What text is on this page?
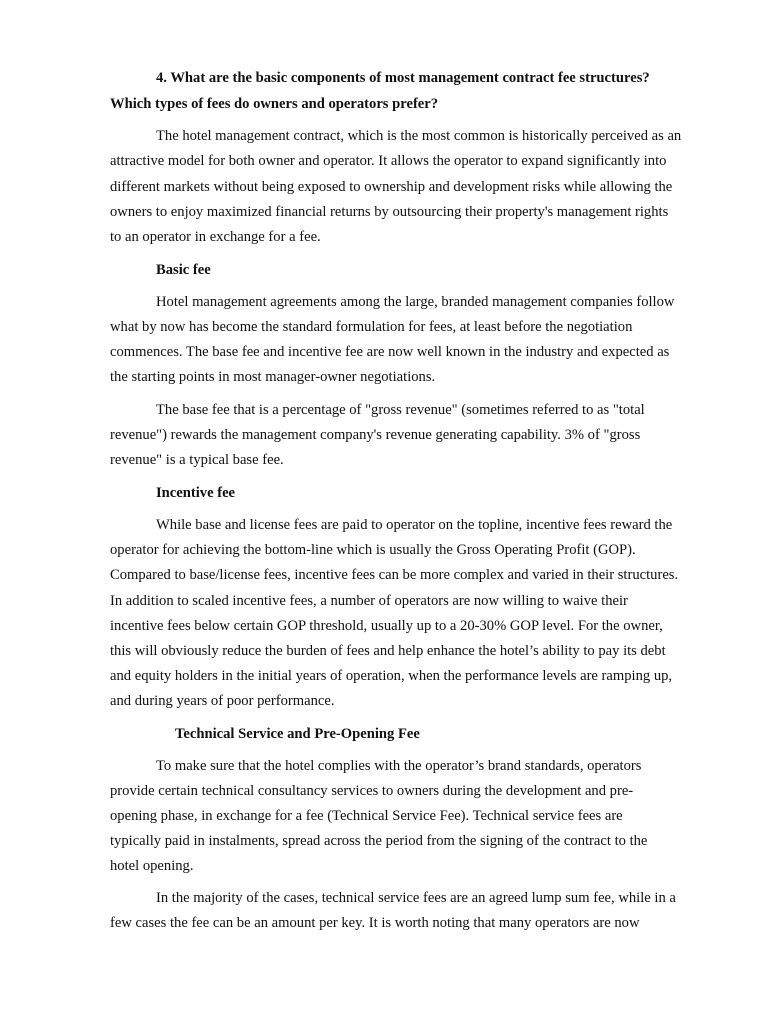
4. What are the basic components of most management contract fee structures?
Which types of fees do owners and operators prefer?
The hotel management contract, which is the most common is historically perceived as an
attractive model for both owner and operator. It allows the operator to expand significantly into
different markets without being exposed to ownership and development risks while allowing the
owners to enjoy maximized financial returns by outsourcing their property's management rights
to an operator in exchange for a fee.
Basic fee
Hotel management agreements among the large, branded management companies follow
what by now has become the standard formulation for fees, at least before the negotiation
commences. The base fee and incentive fee are now well known in the industry and expected as
the starting points in most manager-owner negotiations.
The base fee that is a percentage of "gross revenue" (sometimes referred to as "total
revenue") rewards the management company's revenue generating capability. 3% of "gross
revenue" is a typical base fee.
Incentive fee
While base and license fees are paid to operator on the topline, incentive fees reward the
operator for achieving the bottom-line which is usually the Gross Operating Profit (GOP).
Compared to base/license fees, incentive fees can be more complex and varied in their structures.
In addition to scaled incentive fees, a number of operators are now willing to waive their
incentive fees below certain GOP threshold, usually up to a 20-30% GOP level. For the owner,
this will obviously reduce the burden of fees and help enhance the hotel’s ability to pay its debt
and equity holders in the initial years of operation, when the performance levels are ramping up,
and during years of poor performance.
Technical Service and Pre-Opening Fee
To make sure that the hotel complies with the operator’s brand standards, operators
provide certain technical consultancy services to owners during the development and pre-
opening phase, in exchange for a fee (Technical Service Fee). Technical service fees are
typically paid in instalments, spread across the period from the signing of the contract to the
hotel opening.
In the majority of the cases, technical service fees are an agreed lump sum fee, while in a
few cases the fee can be an amount per key. It is worth noting that many operators are now
